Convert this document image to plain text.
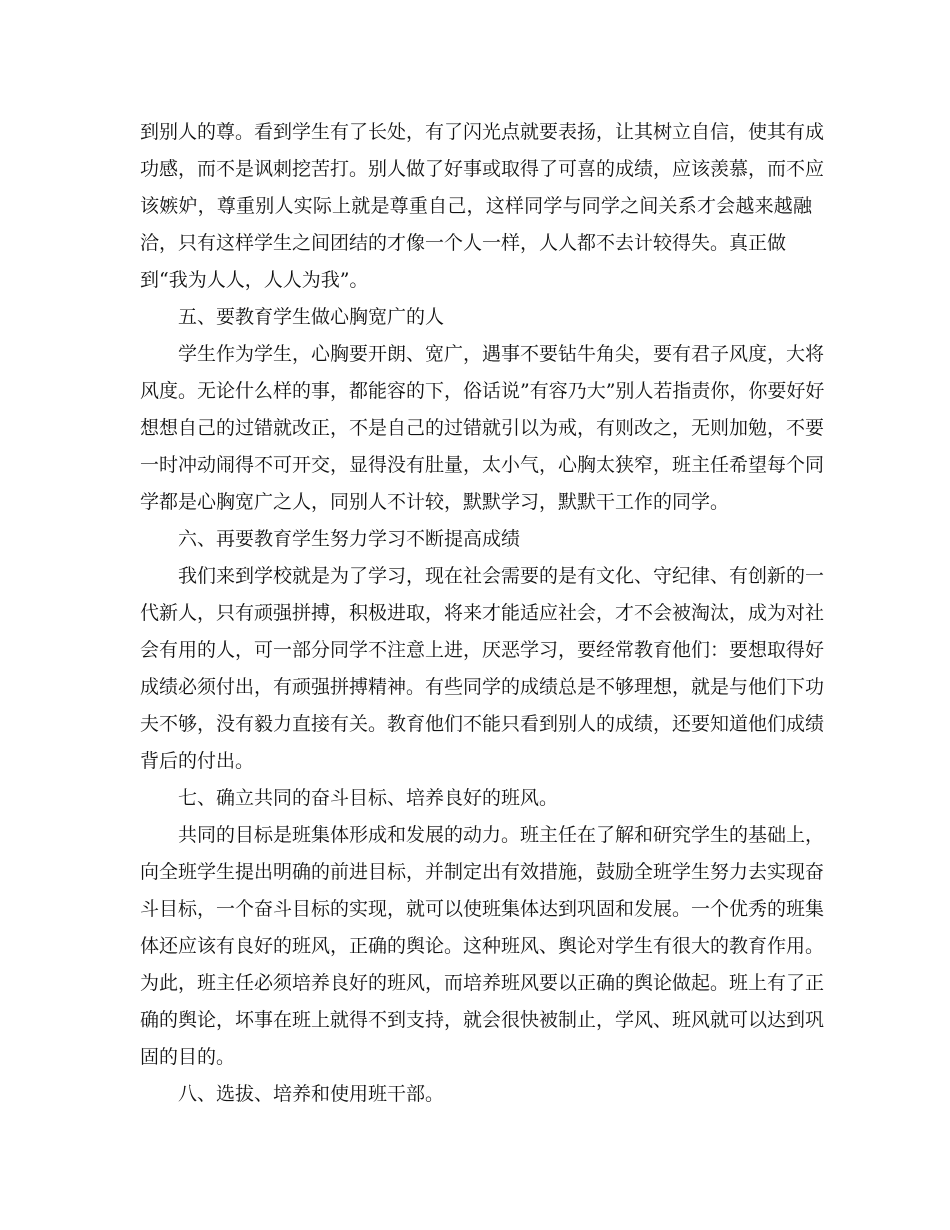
到别人的尊。看到学生有了长处，有了闪光点就要表扬，让其树立自信，使其有成
功感，而不是讽刺挖苦打。别人做了好事或取得了可喜的成绩，应该羡慕，而不应
该嫉妒，尊重别人实际上就是尊重自己，这样同学与同学之间关系才会越来越融
洽，只有这样学生之间团结的才像一个人一样，人人都不去计较得失。真正做
到“我为人人，人人为我”。
五、要教育学生做心胸宽广的人
学生作为学生，心胸要开朗、宽广，遇事不要钻牛角尖，要有君子风度，大将
风度。无论什么样的事，都能容的下，俗话说”有容乃大”别人若指责你，你要好好
想想自己的过错就改正，不是自己的过错就引以为戒，有则改之，无则加勉，不要
一时冲动闹得不可开交，显得没有肚量，太小气，心胸太狭窄，班主任希望每个同
学都是心胸宽广之人，同别人不计较，默默学习，默默干工作的同学。
六、再要教育学生努力学习不断提高成绩
我们来到学校就是为了学习，现在社会需要的是有文化、守纪律、有创新的一
代新人，只有顽强拼搏，积极进取，将来才能适应社会，才不会被淘汰，成为对社
会有用的人，可一部分同学不注意上进，厌恶学习，要经常教育他们：要想取得好
成绩必须付出，有顽强拼搏精神。有些同学的成绩总是不够理想，就是与他们下功
夫不够，没有毅力直接有关。教育他们不能只看到别人的成绩，还要知道他们成绩
背后的付出。
七、确立共同的奋斗目标、培养良好的班风。
共同的目标是班集体形成和发展的动力。班主任在了解和研究学生的基础上，
向全班学生提出明确的前进目标，并制定出有效措施，鼓励全班学生努力去实现奋
斗目标，一个奋斗目标的实现，就可以使班集体达到巩固和发展。一个优秀的班集
体还应该有良好的班风，正确的舆论。这种班风、舆论对学生有很大的教育作用。
为此，班主任必须培养良好的班风，而培养班风要以正确的舆论做起。班上有了正
确的舆论，坏事在班上就得不到支持，就会很快被制止，学风、班风就可以达到巩
固的目的。
八、选拔、培养和使用班干部。
